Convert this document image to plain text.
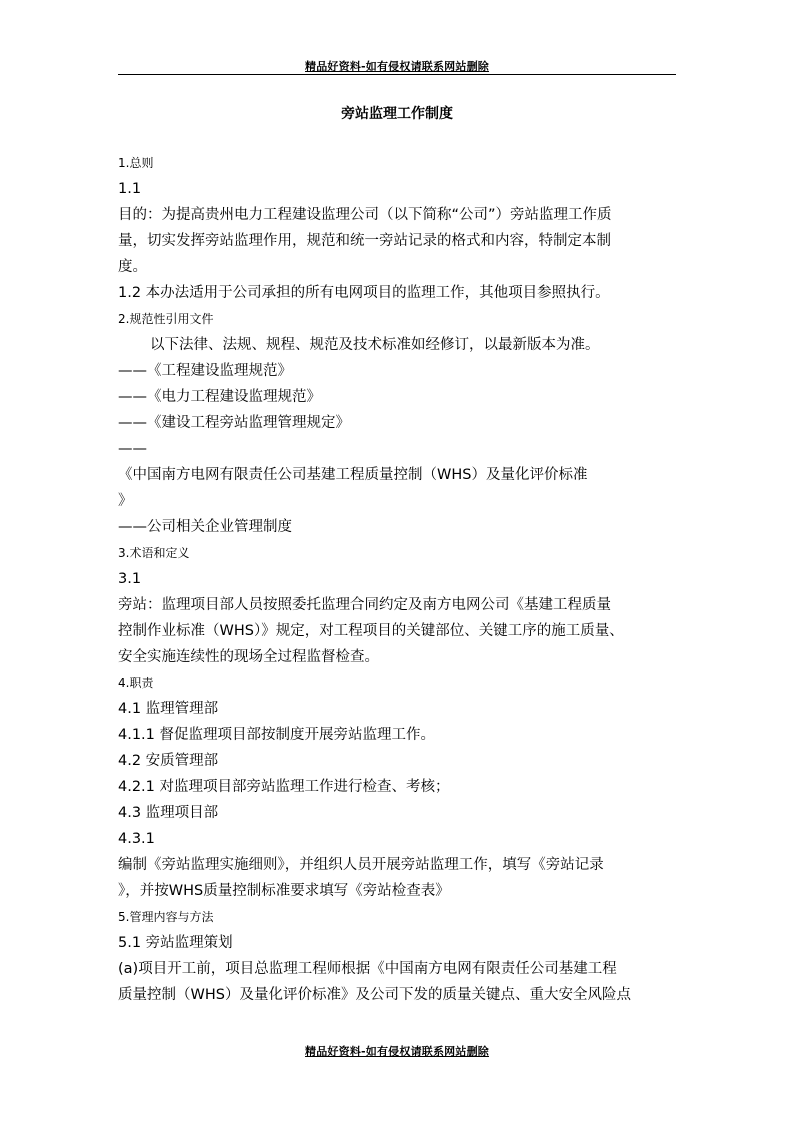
精品好资料-如有侵权请联系网站删除
旁站监理工作制度

1.总则

1.1

目的：为提高贵州电力工程建设监理公司（以下简称“公司”）旁站监理工作质

量，切实发挥旁站监理作用，规范和统一旁站记录的格式和内容，特制定本制

度。

1.2 本办法适用于公司承担的所有电网项目的监理工作，其他项目参照执行。

2.规范性引用文件

以下法律、法规、规程、规范及技术标准如经修订，以最新版本为准。

——《工程建设监理规范》

——《电力工程建设监理规范》

——《建设工程旁站监理管理规定》

——

《中国南方电网有限责任公司基建工程质量控制（WHS）及量化评价标准

》

——公司相关企业管理制度

3.术语和定义

3.1

旁站：监理项目部人员按照委托监理合同约定及南方电网公司《基建工程质量

控制作业标准（WHS）》规定，对工程项目的关键部位、关键工序的施工质量、

安全实施连续性的现场全过程监督检查。

4.职责

4.1 监理管理部

4.1.1 督促监理项目部按制度开展旁站监理工作。

4.2 安质管理部

4.2.1 对监理项目部旁站监理工作进行检查、考核；

4.3 监理项目部

4.3.1

编制《旁站监理实施细则》，并组织人员开展旁站监理工作，填写《旁站记录

》，并按WHS质量控制标准要求填写《旁站检查表》

5.管理内容与方法

5.1 旁站监理策划

(a)项目开工前，项目总监理工程师根据《中国南方电网有限责任公司基建工程

质量控制（WHS）及量化评价标准》及公司下发的质量关键点、重大安全风险点

精品好资料-如有侵权请联系网站删除
